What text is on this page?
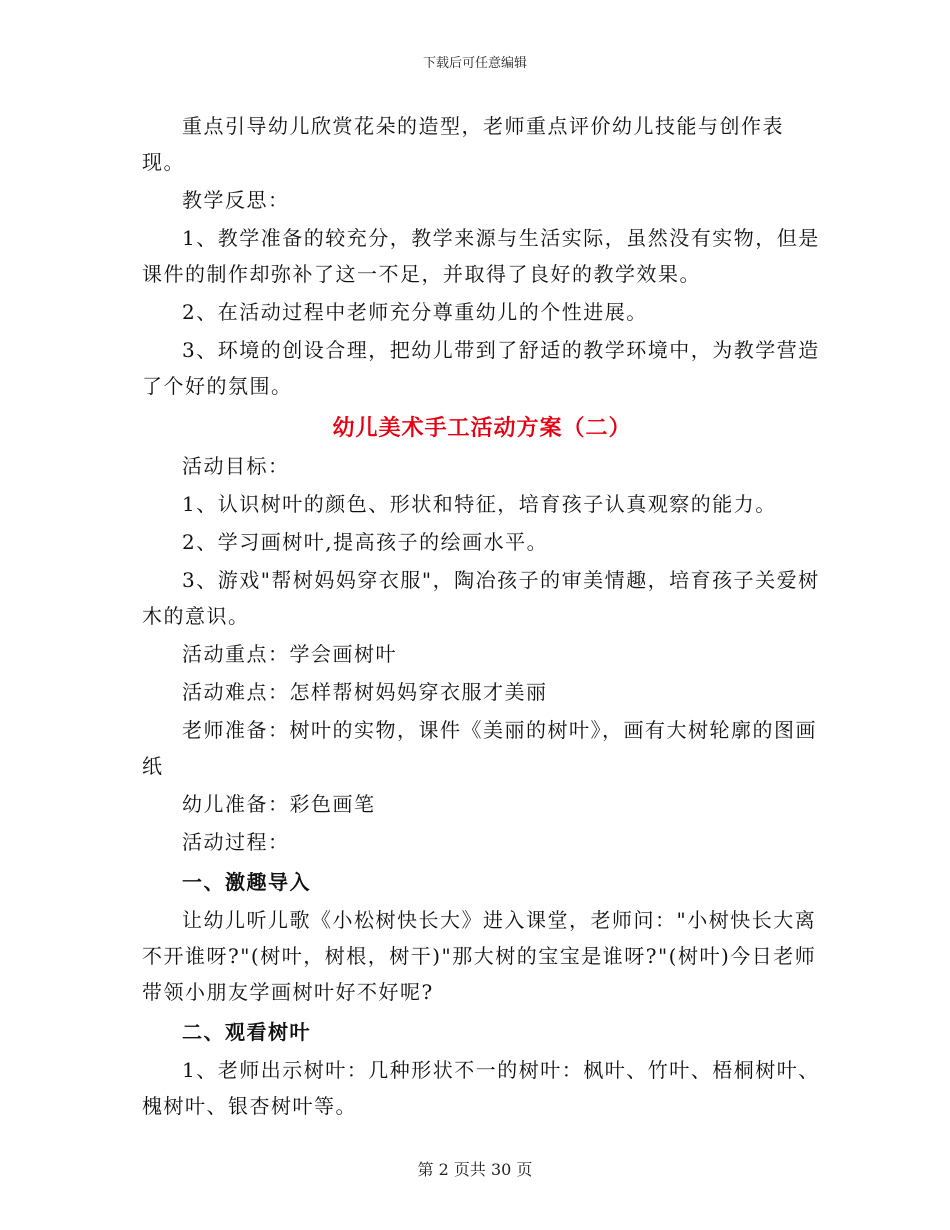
下载后可任意编辑

重点引导幼儿欣赏花朵的造型，老师重点评价幼儿技能与创作表现。

教学反思：

1、教学准备的较充分，教学来源与生活实际，虽然没有实物，但是课件的制作却弥补了这一不足，并取得了良好的教学效果。

2、在活动过程中老师充分尊重幼儿的个性进展。

3、环境的创设合理，把幼儿带到了舒适的教学环境中，为教学营造了个好的氛围。

幼儿美术手工活动方案（二）

活动目标：

1、认识树叶的颜色、形状和特征，培育孩子认真观察的能力。

2、学习画树叶,提高孩子的绘画水平。

3、游戏"帮树妈妈穿衣服"，陶冶孩子的审美情趣，培育孩子关爱树木的意识。

活动重点：学会画树叶

活动难点：怎样帮树妈妈穿衣服才美丽

老师准备：树叶的实物，课件《美丽的树叶》，画有大树轮廓的图画纸

幼儿准备：彩色画笔

活动过程：

一、激趣导入

让幼儿听儿歌《小松树快长大》进入课堂，老师问："小树快长大离不开谁呀?"(树叶，树根，树干)"那大树的宝宝是谁呀?"(树叶)今日老师带领小朋友学画树叶好不好呢?

二、观看树叶

1、老师出示树叶：几种形状不一的树叶：枫叶、竹叶、梧桐树叶、槐树叶、银杏树叶等。

第 2 页共 30 页
